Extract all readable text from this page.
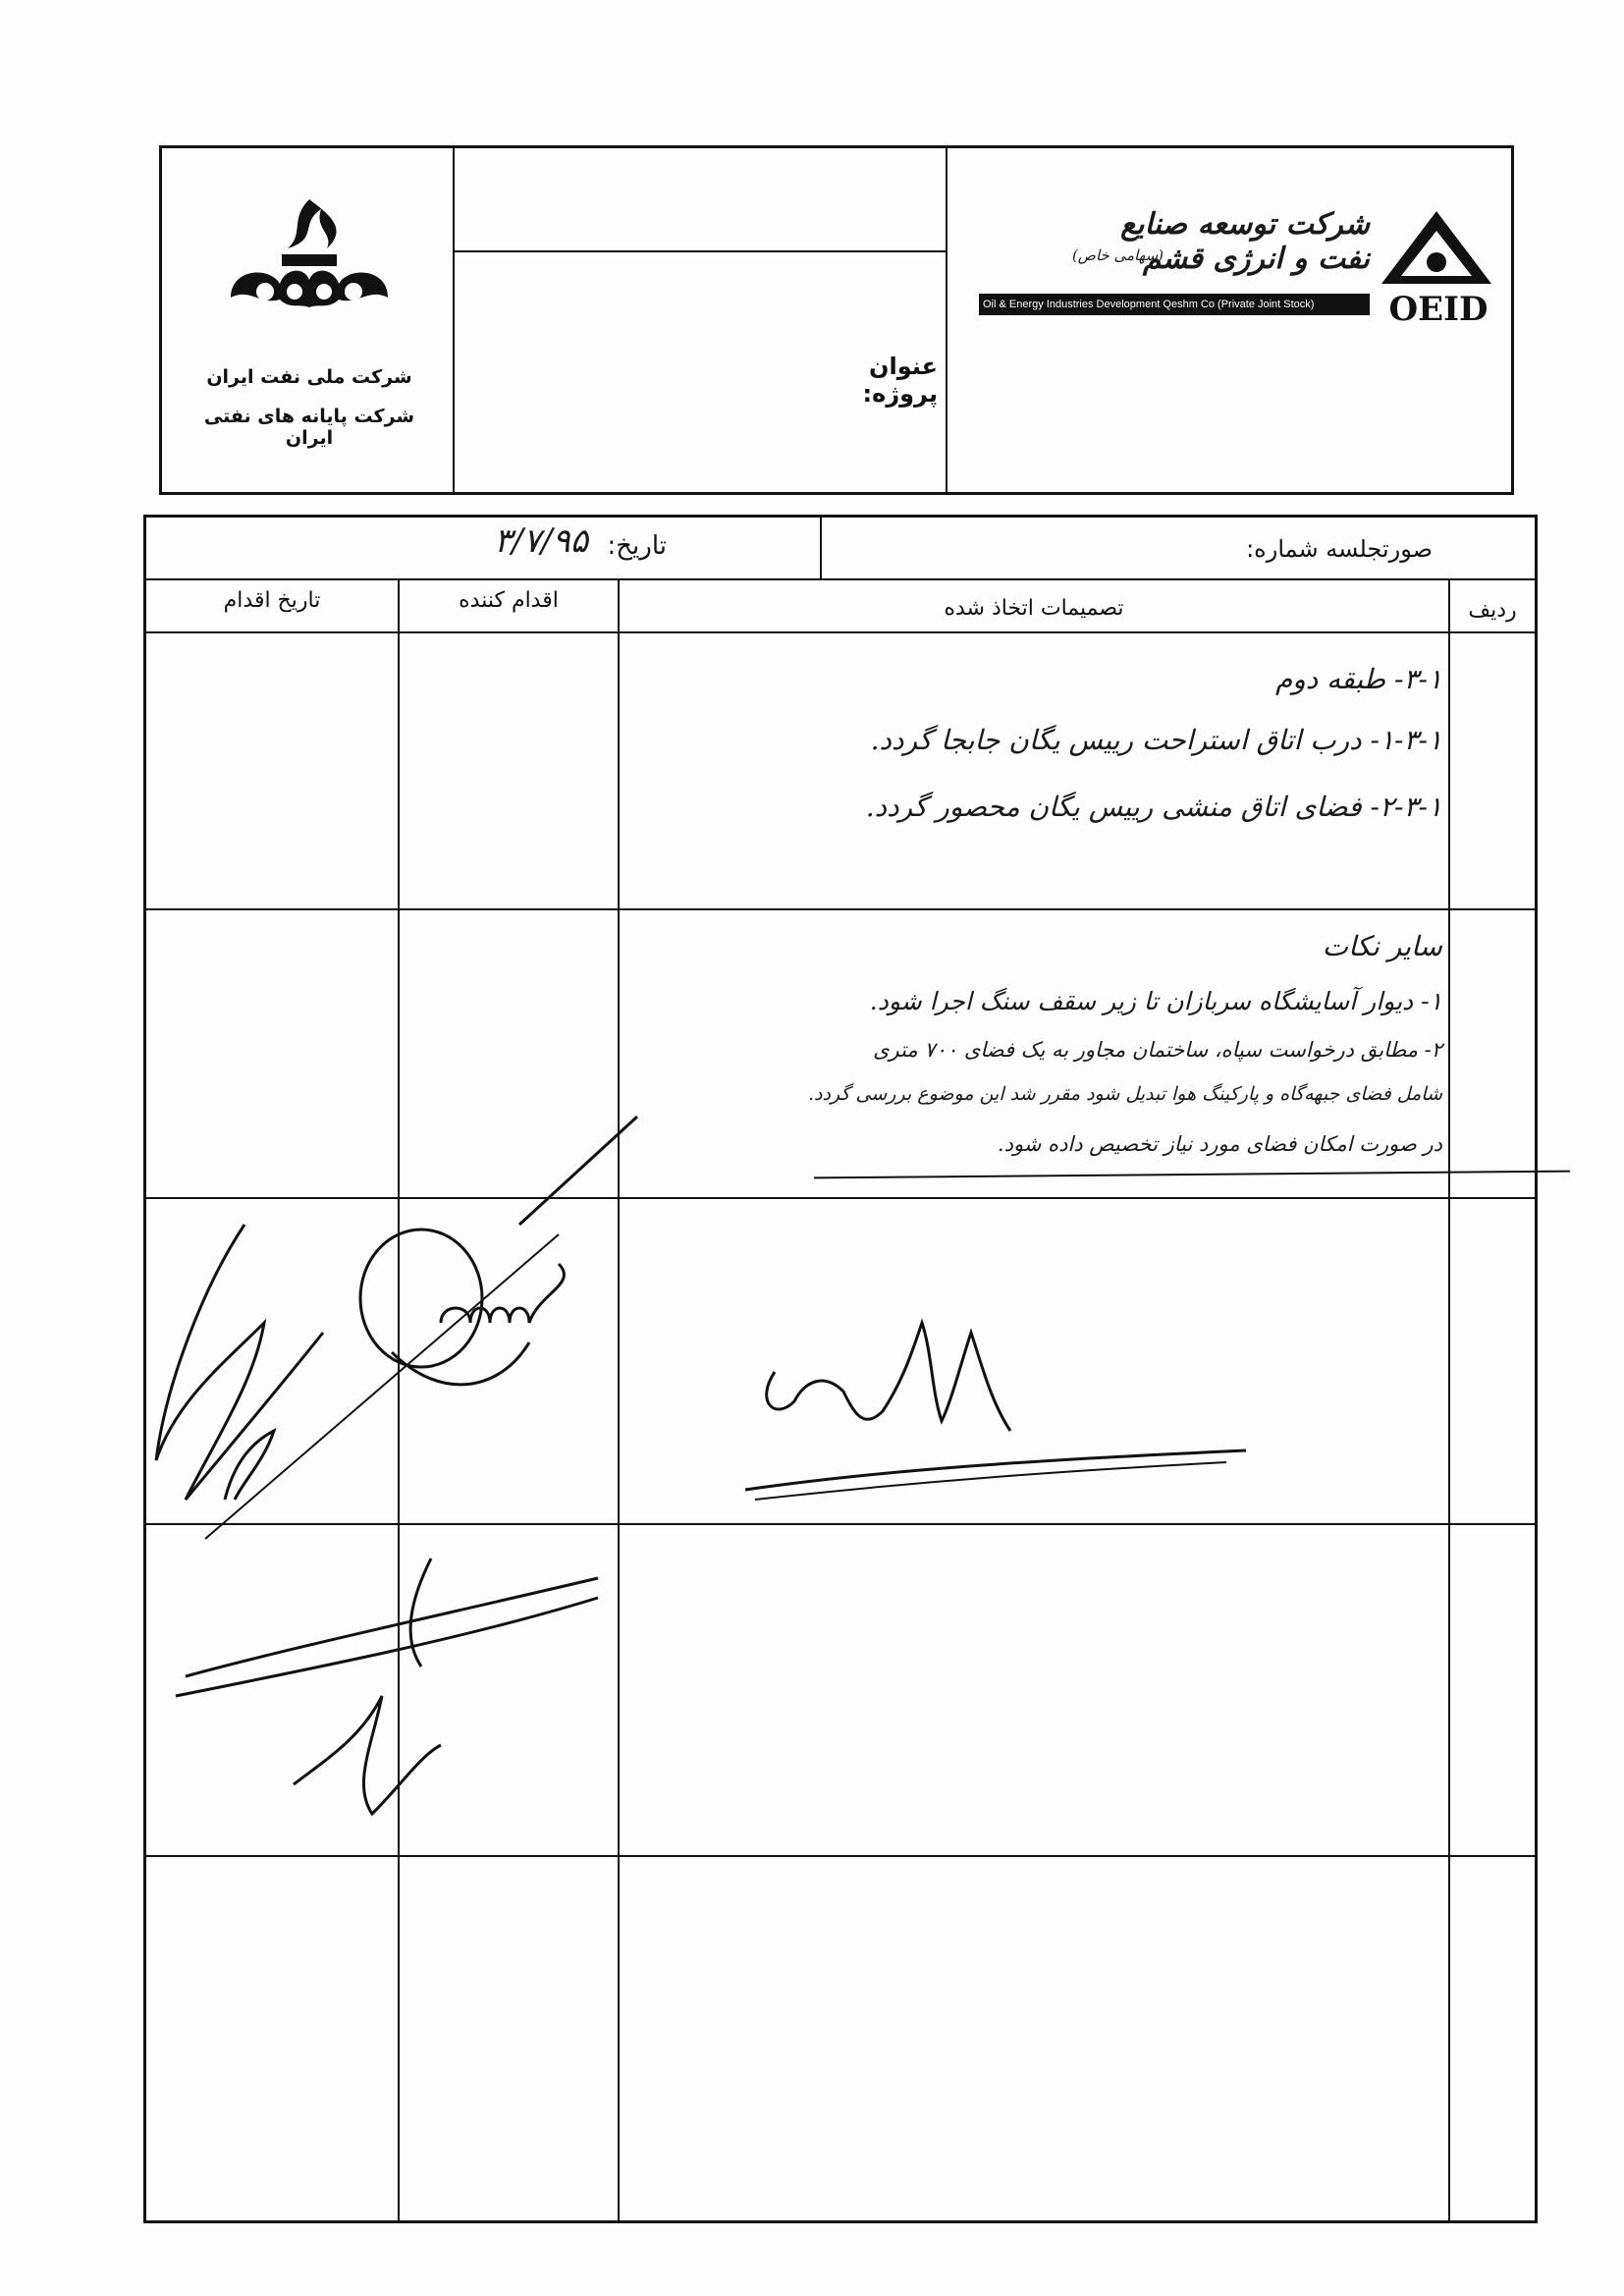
شرکت ملی نفت ایران
شرکت پایانه های نفتی ایران
عنوان پروژه:
OEID
شرکت توسعه صنایع نفت و انرژی قشم
(سهامی خاص)
Oil & Energy Industries Development Qeshm Co (Private Joint Stock)
صورتجلسه شماره:
تاریخ:
۳/۷/۹۵
تاریخ اقدام	اقدام کننده	تصمیمات اتخاذ شده	ردیف
۳-۱- طبقه دوم
۱-۳-۱- درب اتاق استراحت رییس یگان جابجا گردد.
۲-۳-۱- فضای اتاق منشی رییس یگان محصور گردد.
سایر نکات
۱- دیوار آسایشگاه سربازان تا زیر سقف سنگ اجرا شود.
۲- مطابق درخواست سپاه، ساختمان مجاور به یک فضای ۷۰۰ متری
شامل فضای جبهه‌گاه و پارکینگ هوا تبدیل شود مقرر شد این موضوع بررسی گردد.
در صورت امکان فضای مورد نیاز تخصیص داده شود.
